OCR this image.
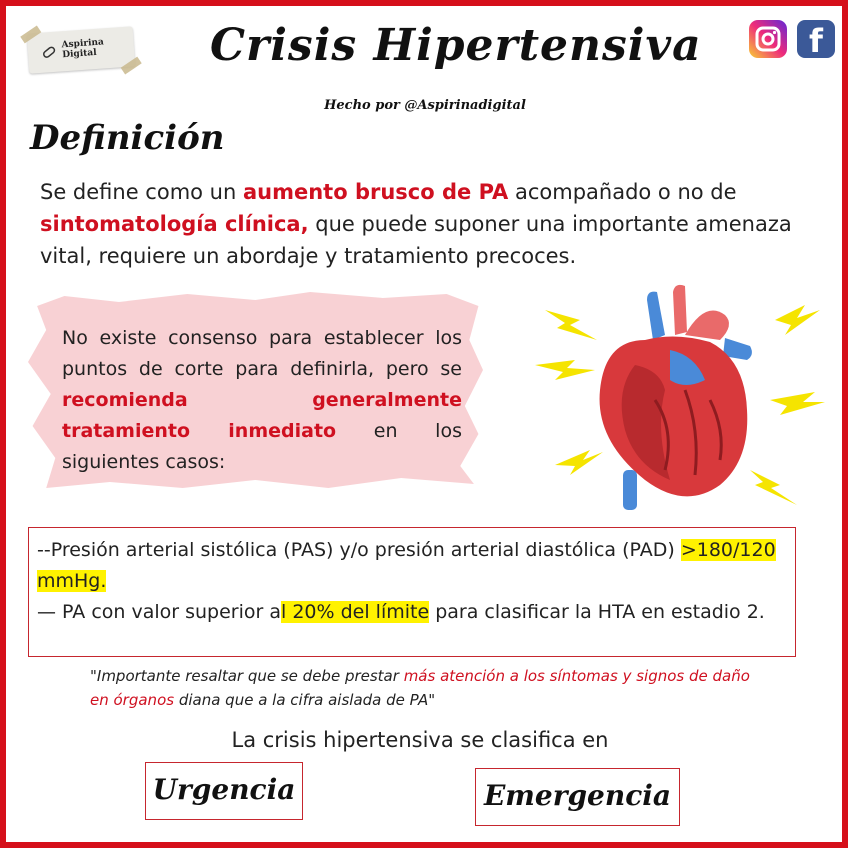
Aspirina
Digital	Crisis Hipertensiva
Hecho por @Aspirinadigital
f
Definición
Se define como un aumento brusco de PA acompañado o no de sintomatología clínica, que puede suponer una importante amenaza vital, requiere un abordaje y tratamiento precoces.
No existe consenso para establecer los puntos de corte para definirla, pero se recomienda generalmente tratamiento inmediato en los siguientes casos:
--Presión arterial sistólica (PAS) y/o presión arterial diastólica (PAD) >180/120 mmHg.
— PA con valor superior al 20% del límite para clasificar la HTA en estadio 2.
"Importante resaltar que se debe prestar más atención a los síntomas y signos de daño en órganos diana que a la cifra aislada de PA"
La crisis hipertensiva se clasifica en
Urgencia	Emergencia
